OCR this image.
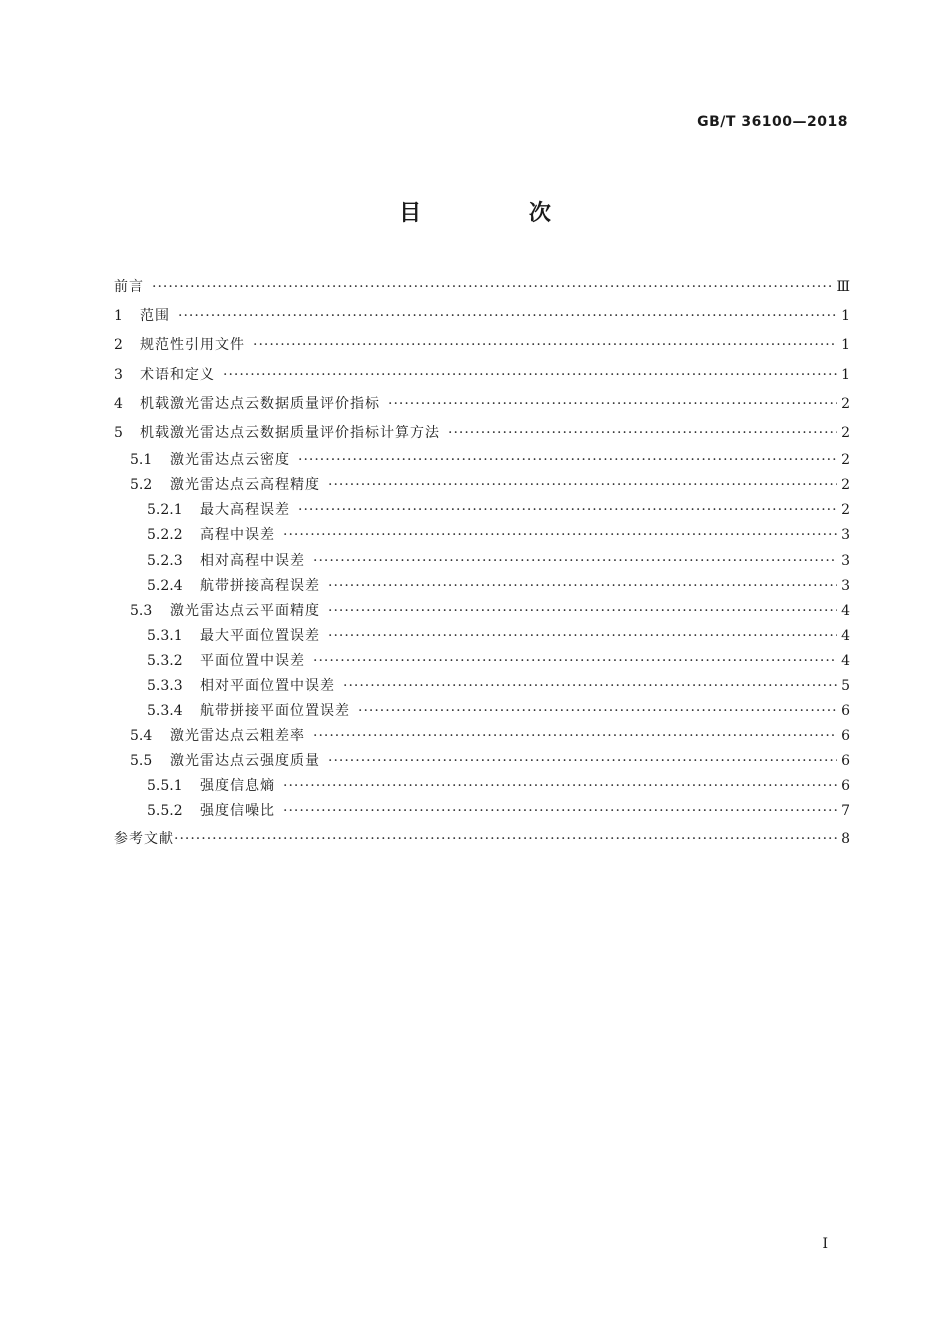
GB/T 36100—2018
目 次
前言 ·····	Ⅲ
1	范围 ·····	1
2	规范性引用文件 ·····	1
3	术语和定义 ·····	1
4	机载激光雷达点云数据质量评价指标 ·····	2
5	机载激光雷达点云数据质量评价指标计算方法 ·····	2
5.1	激光雷达点云密度 ·····	2
5.2	激光雷达点云高程精度 ·····	2
5.2.1	最大高程误差 ·····	2
5.2.2	高程中误差 ·····	3
5.2.3	相对高程中误差 ·····	3
5.2.4	航带拼接高程误差 ·····	3
5.3	激光雷达点云平面精度 ·····	4
5.3.1	最大平面位置误差 ·····	4
5.3.2	平面位置中误差 ·····	4
5.3.3	相对平面位置中误差 ·····	5
5.3.4	航带拼接平面位置误差 ·····	6
5.4	激光雷达点云粗差率 ·····	6
5.5	激光雷达点云强度质量 ·····	6
5.5.1	强度信息熵 ·····	6
5.5.2	强度信噪比 ·····	7
参考文献 ·····	8
I
